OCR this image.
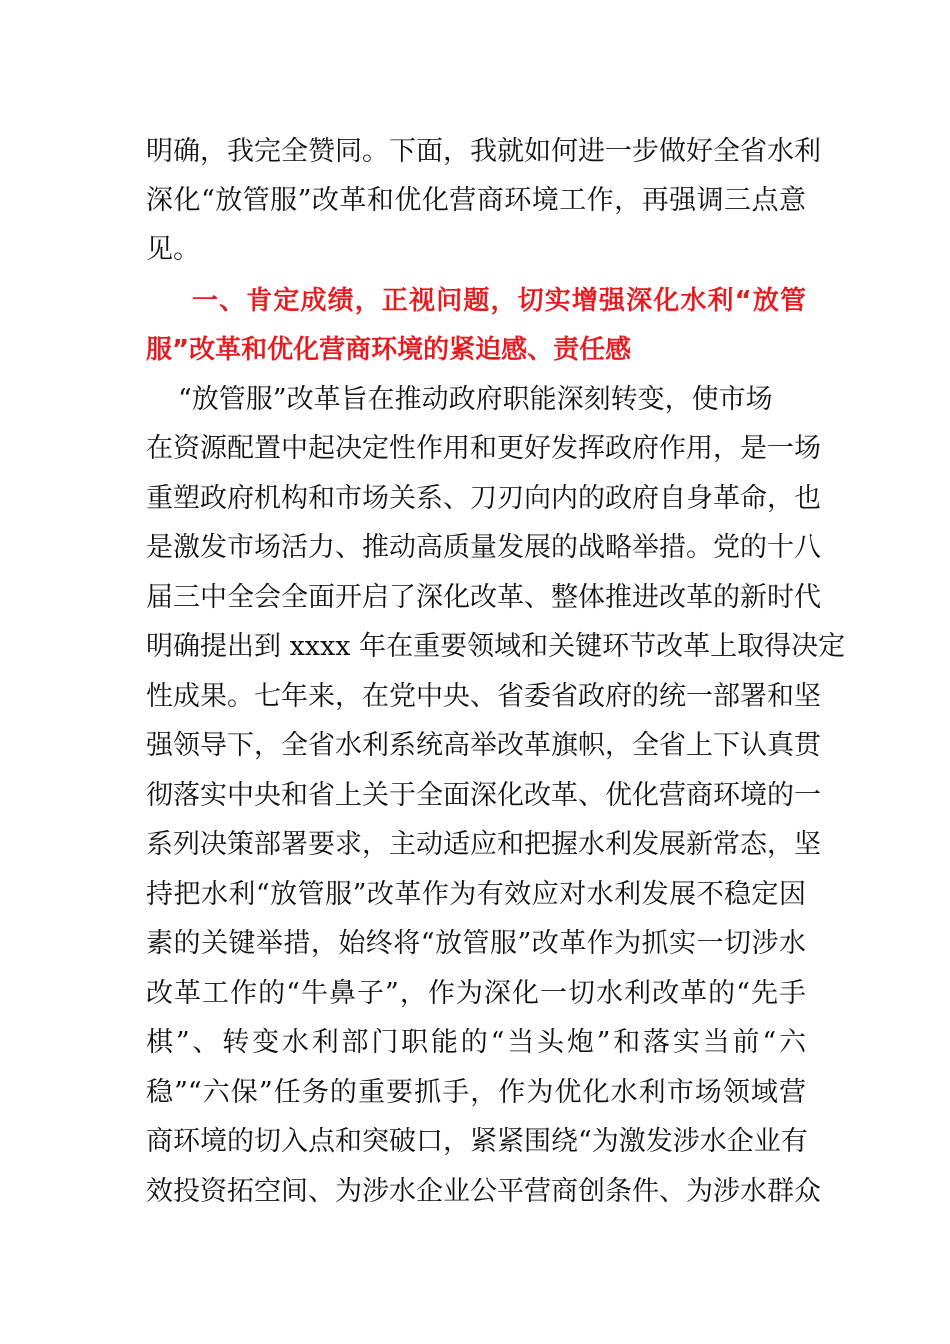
明确，我完全赞同。下面，我就如何进一步做好全省水利
深化“放管服”改革和优化营商环境工作，再强调三点意
见。
一、肯定成绩，正视问题，切实增强深化水利“放管
服”改革和优化营商环境的紧迫感、责任感
“放管服”改革旨在推动政府职能深刻转变，使市场
在资源配置中起决定性作用和更好发挥政府作用，是一场
重塑政府机构和市场关系、刀刃向内的政府自身革命，也
是激发市场活力、推动高质量发展的战略举措。党的十八
届三中全会全面开启了深化改革、整体推进改革的新时代
明确提出到 xxxx 年在重要领域和关键环节改革上取得决定
性成果。七年来，在党中央、省委省政府的统一部署和坚
强领导下，全省水利系统高举改革旗帜，全省上下认真贯
彻落实中央和省上关于全面深化改革、优化营商环境的一
系列决策部署要求，主动适应和把握水利发展新常态，坚
持把水利“放管服”改革作为有效应对水利发展不稳定因
素的关键举措，始终将“放管服”改革作为抓实一切涉水
改革工作的“牛鼻子”，作为深化一切水利改革的“先手
棋”、转变水利部门职能的“当头炮”和落实当前“六
稳”“六保”任务的重要抓手，作为优化水利市场领域营
商环境的切入点和突破口，紧紧围绕“为激发涉水企业有
效投资拓空间、为涉水企业公平营商创条件、为涉水群众
